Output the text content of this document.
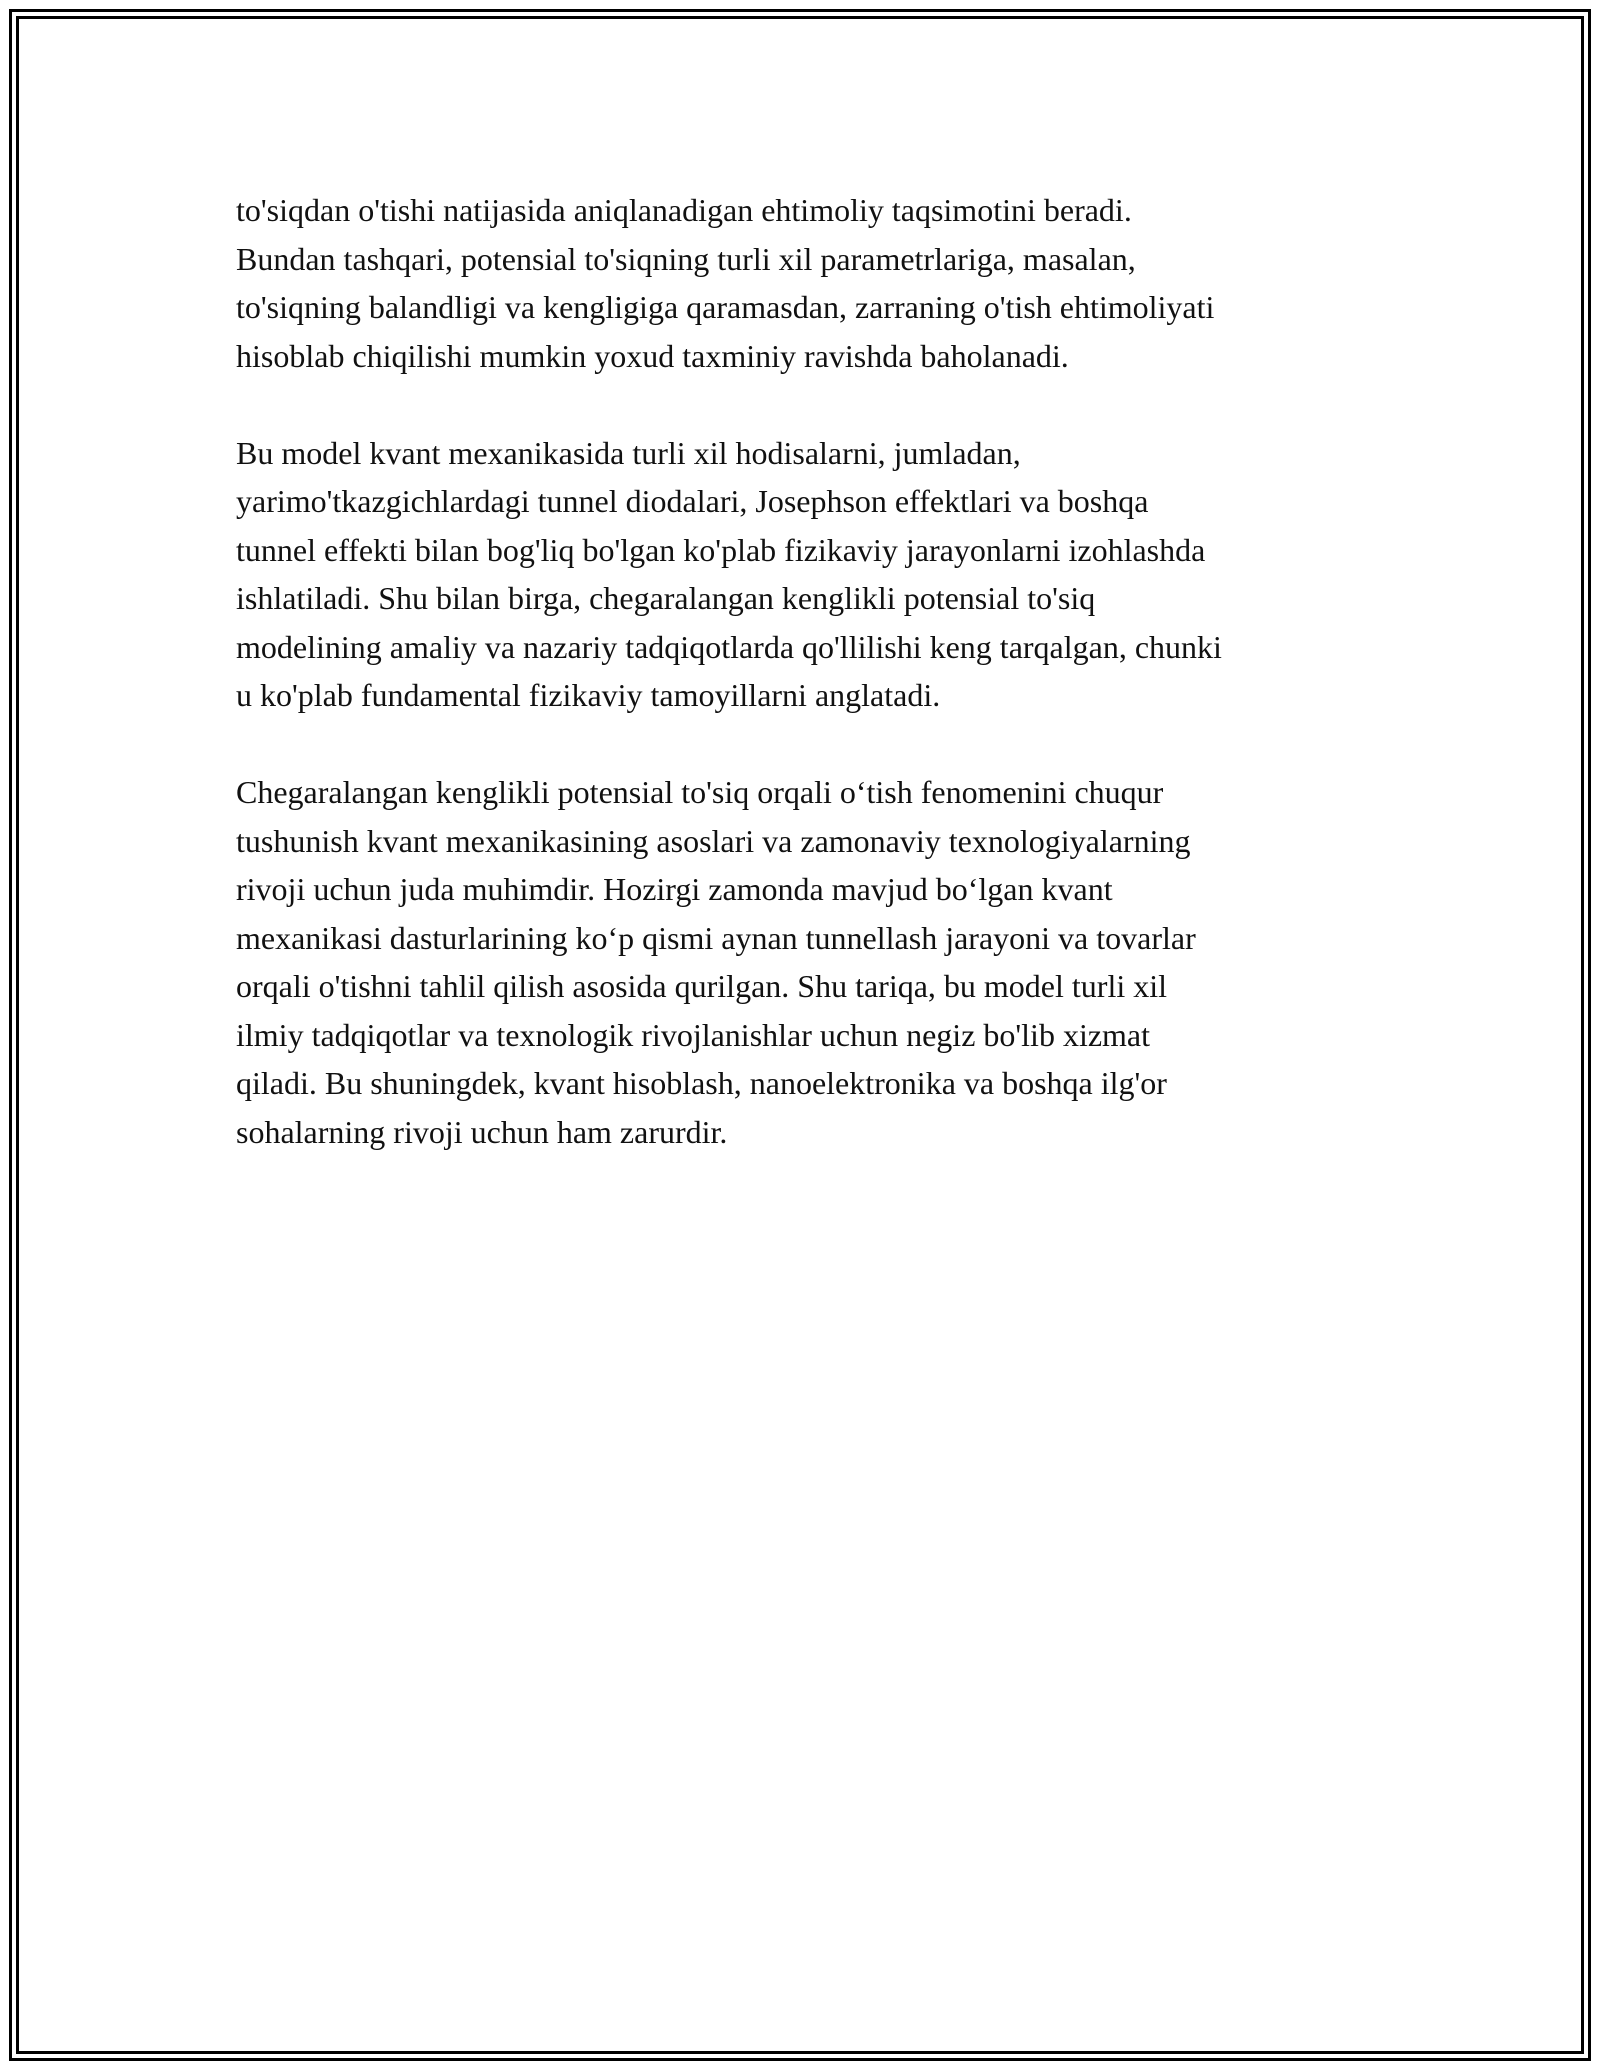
to'siqdan o'tishi natijasida aniqlanadigan ehtimoliy taqsimotini beradi.
Bundan tashqari, potensial to'siqning turli xil parametrlariga, masalan,
to'siqning balandligi va kengligiga qaramasdan, zarraning o'tish ehtimoliyati
hisoblab chiqilishi mumkin yoxud taxminiy ravishda baholanadi.

Bu model kvant mexanikasida turli xil hodisalarni, jumladan,
yarimo'tkazgichlardagi tunnel diodalari, Josephson effektlari va boshqa
tunnel effekti bilan bog'liq bo'lgan ko'plab fizikaviy jarayonlarni izohlashda
ishlatiladi. Shu bilan birga, chegaralangan kenglikli potensial to'siq
modelining amaliy va nazariy tadqiqotlarda qo'llilishi keng tarqalgan, chunki
u ko'plab fundamental fizikaviy tamoyillarni anglatadi.

Chegaralangan kenglikli potensial to'siq orqali o‘tish fenomenini chuqur
tushunish kvant mexanikasining asoslari va zamonaviy texnologiyalarning
rivoji uchun juda muhimdir. Hozirgi zamonda mavjud bo‘lgan kvant
mexanikasi dasturlarining ko‘p qismi aynan tunnellash jarayoni va tovarlar
orqali o'tishni tahlil qilish asosida qurilgan. Shu tariqa, bu model turli xil
ilmiy tadqiqotlar va texnologik rivojlanishlar uchun negiz bo'lib xizmat
qiladi. Bu shuningdek, kvant hisoblash, nanoelektronika va boshqa ilg'or
sohalarning rivoji uchun ham zarurdir.
